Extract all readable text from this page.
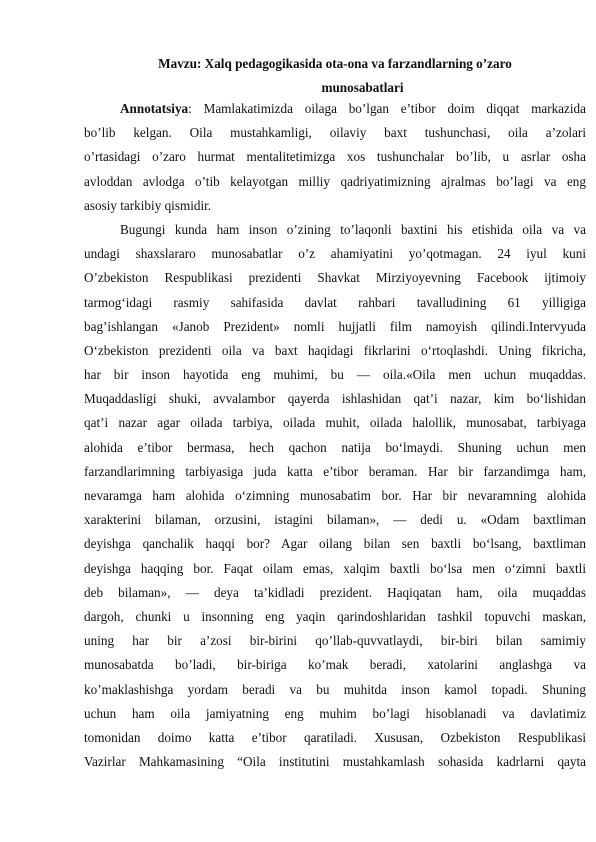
Mavzu: Xalq pedagogikasida ota-ona va farzandlarning o’zaro
munosabatlari
Annotatsiya: Mamlakatimizda oilaga bo’lgan e’tibor doim diqqat markazida
bo’lib kelgan. Oila mustahkamligi, oilaviy baxt tushunchasi, oila a’zolari
o’rtasidagi o’zaro hurmat mentalitetimizga xos tushunchalar bo’lib, u asrlar osha
avloddan avlodga o’tib kelayotgan milliy qadriyatimizning ajralmas bo’lagi va eng
asosiy tarkibiy qismidir.
Bugungi kunda ham inson o’zining to’laqonli baxtini his etishida oila va va
undagi shaxslararo munosabatlar o’z ahamiyatini yo’qotmagan. 24 iyul kuni
O’zbekiston Respublikasi prezidenti Shavkat Mirziyoyevning Facebook ijtimoiy
tarmog‘idagi rasmiy sahifasida davlat rahbari tavalludining 61 yilligiga
bag’ishlangan «Janob Prezident» nomli hujjatli film namoyish qilindi.Intervyuda
O‘zbekiston prezidenti oila va baxt haqidagi fikrlarini o‘rtoqlashdi. Uning fikricha,
har bir inson hayotida eng muhimi, bu — oila.«Oila men uchun muqaddas.
Muqaddasligi shuki, avvalambor qayerda ishlashidan qat’i nazar, kim bo‘lishidan
qat’i nazar agar oilada tarbiya, oilada muhit, oilada halollik, munosabat, tarbiyaga
alohida e’tibor bermasa, hech qachon natija bo‘lmaydi. Shuning uchun men
farzandlarimning tarbiyasiga juda katta e’tibor beraman. Har bir farzandimga ham,
nevaramga ham alohida o‘zimning munosabatim bor. Har bir nevaramning alohida
xarakterini bilaman, orzusini, istagini bilaman», — dedi u. «Odam baxtliman
deyishga qanchalik haqqi bor? Agar oilang bilan sen baxtli bo‘lsang, baxtliman
deyishga haqqing bor. Faqat oilam emas, xalqim baxtli bo‘lsa men o‘zimni baxtli
deb bilaman», — deya ta’kidladi prezident. Haqiqatan ham, oila muqaddas
dargoh, chunki u insonning eng yaqin qarindoshlaridan tashkil topuvchi maskan,
uning har bir a’zosi bir-birini qo’llab-quvvatlaydi, bir-biri bilan samimiy
munosabatda bo’ladi, bir-biriga ko’mak beradi, xatolarini anglashga va
ko’maklashishga yordam beradi va bu muhitda inson kamol topadi. Shuning
uchun ham oila jamiyatning eng muhim bo’lagi hisoblanadi va davlatimiz
tomonidan doimo katta e’tibor qaratiladi. Xususan, Ozbekiston Respublikasi
Vazirlar Mahkamasining “Oila institutini mustahkamlash sohasida kadrlarni qayta
